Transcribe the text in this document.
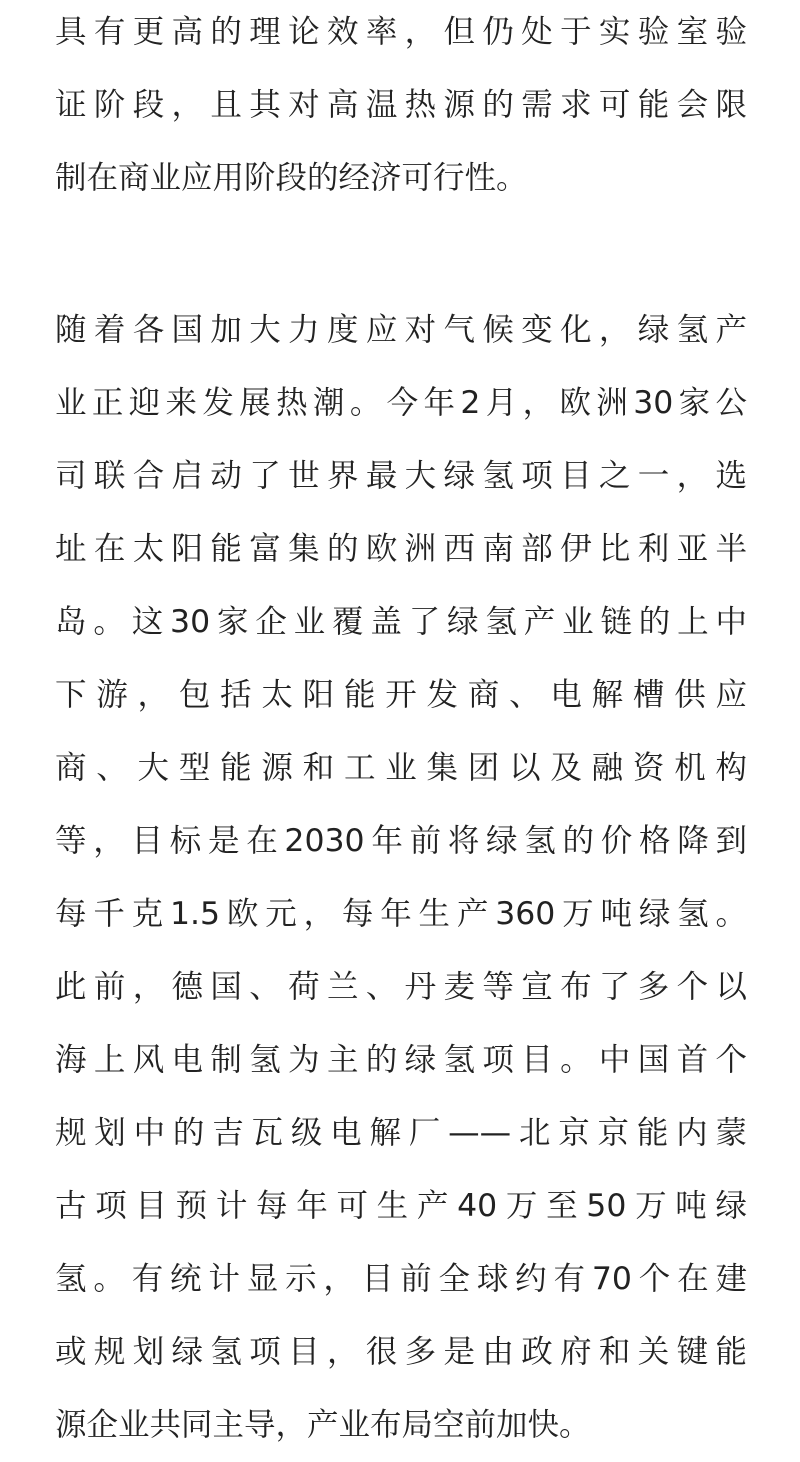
具有更高的理论效率，但仍处于实验室验
证阶段，且其对高温热源的需求可能会限
制在商业应用阶段的经济可行性。
随着各国加大力度应对气候变化，绿氢产
业正迎来发展热潮。今年2月，欧洲30家公
司联合启动了世界最大绿氢项目之一，选
址在太阳能富集的欧洲西南部伊比利亚半
岛。这30家企业覆盖了绿氢产业链的上中
下游，包括太阳能开发商、电解槽供应
商、大型能源和工业集团以及融资机构
等，目标是在2030年前将绿氢的价格降到
每千克1.5欧元，每年生产360万吨绿氢。
此前，德国、荷兰、丹麦等宣布了多个以
海上风电制氢为主的绿氢项目。中国首个
规划中的吉瓦级电解厂——北京京能内蒙
古项目预计每年可生产40万至50万吨绿
氢。有统计显示，目前全球约有70个在建
或规划绿氢项目，很多是由政府和关键能
源企业共同主导，产业布局空前加快。
